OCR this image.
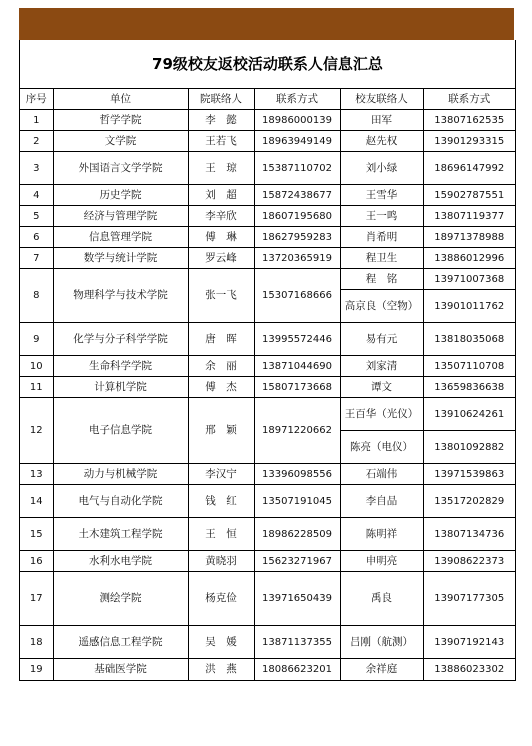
79级校友返校活动联系人信息汇总
序号	单位	院联络人	联系方式	校友联络人	联系方式
1	哲学学院	李　懿	18986000139	田军	13807162535
2	文学院	王若飞	18963949149	赵先权	13901293315
3	外国语言文学学院	王　琼	15387110702	刘小绿	18696147992
4	历史学院	刘　超	15872438677	王雪华	15902787551
5	经济与管理学院	李辛欣	18607195680	王一鸣	13807119377
6	信息管理学院	傅　琳	18627959283	肖希明	18971378988
7	数学与统计学院	罗云峰	13720365919	程卫生	13886012996
8	物理科学与技术学院	张一飞	15307168666	程　铭	13971007368
				高京良（空物）	13901011762
9	化学与分子科学学院	唐　晖	13995572446	易有元	13818035068
10	生命科学学院	余　丽	13871044690	刘家清	13507110708
11	计算机学院	傅　杰	15807173668	谭文	13659836638
12	电子信息学院	邢　颖	18971220662	王百华（光仪）	13910624261
				陈亮（电仪）	13801092882
13	动力与机械学院	李汉宁	13396098556	石端伟	13971539863
14	电气与自动化学院	钱　红	13507191045	李自品	13517202829
15	土木建筑工程学院	王　恒	18986228509	陈明祥	13807134736
16	水利水电学院	黄晓羽	15623271967	申明亮	13908622373
17	测绘学院	杨克俭	13971650439	禹良	13907177305
18	遥感信息工程学院	吴　媛	13871137355	吕刚（航测）	13907192143
19	基础医学院	洪　燕	18086623201	余祥庭	13886023302
